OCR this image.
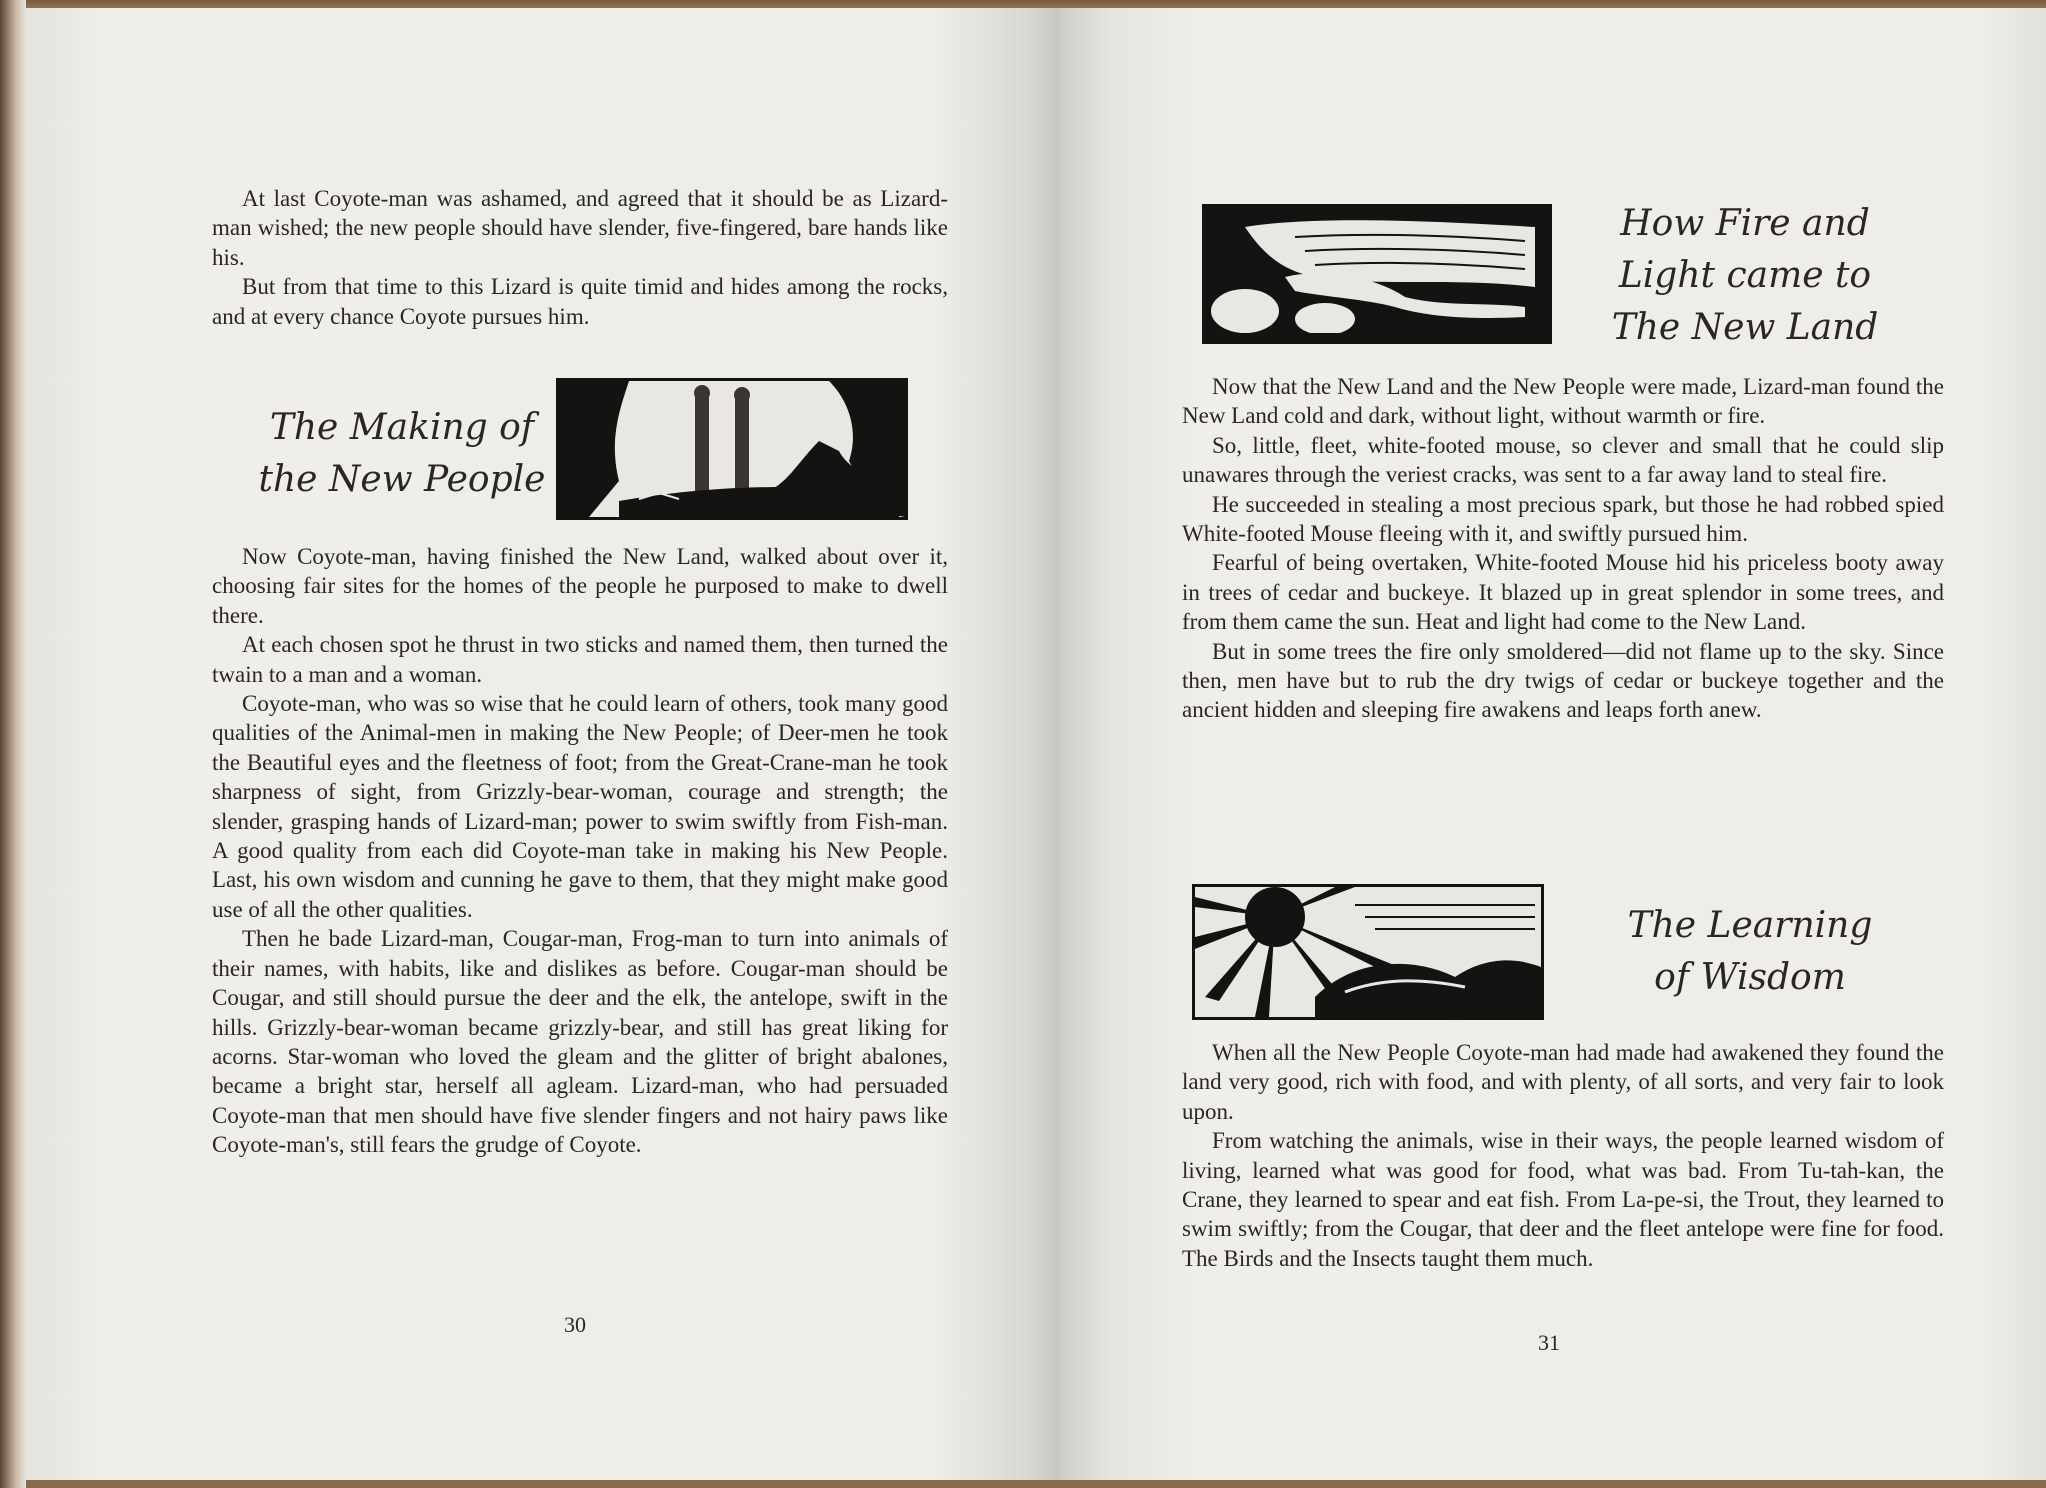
At last Coyote-man was ashamed, and agreed that it should be as Lizard-man wished; the new people should have slender, five-fingered, bare hands like his.

But from that time to this Lizard is quite timid and hides among the rocks, and at every chance Coyote pursues him.

The Making of
the New People

Now Coyote-man, having finished the New Land, walked about over it, choosing fair sites for the homes of the people he purposed to make to dwell there.

At each chosen spot he thrust in two sticks and named them, then turned the twain to a man and a woman.

Coyote-man, who was so wise that he could learn of others, took many good qualities of the Animal-men in making the New People; of Deer-men he took the Beautiful eyes and the fleetness of foot; from the Great-Crane-man he took sharpness of sight, from Grizzly-bear-woman, courage and strength; the slender, grasping hands of Lizard-man; power to swim swiftly from Fish-man. A good quality from each did Coyote-man take in making his New People. Last, his own wisdom and cunning he gave to them, that they might make good use of all the other qualities.

Then he bade Lizard-man, Cougar-man, Frog-man to turn into animals of their names, with habits, like and dislikes as before. Cougar-man should be Cougar, and still should pursue the deer and the elk, the antelope, swift in the hills. Grizzly-bear-woman became grizzly-bear, and still has great liking for acorns. Star-woman who loved the gleam and the glitter of bright abalones, became a bright star, herself all agleam. Lizard-man, who had persuaded Coyote-man that men should have five slender fingers and not hairy paws like Coyote-man's, still fears the grudge of Coyote.

30
How Fire and
Light came to
The New Land

Now that the New Land and the New People were made, Lizard-man found the New Land cold and dark, without light, without warmth or fire.

So, little, fleet, white-footed mouse, so clever and small that he could slip unawares through the veriest cracks, was sent to a far away land to steal fire.

He succeeded in stealing a most precious spark, but those he had robbed spied White-footed Mouse fleeing with it, and swiftly pursued him.

Fearful of being overtaken, White-footed Mouse hid his priceless booty away in trees of cedar and buckeye. It blazed up in great splendor in some trees, and from them came the sun. Heat and light had come to the New Land.

But in some trees the fire only smoldered—did not flame up to the sky. Since then, men have but to rub the dry twigs of cedar or buckeye together and the ancient hidden and sleeping fire awakens and leaps forth anew.

The Learning
of Wisdom

When all the New People Coyote-man had made had awakened they found the land very good, rich with food, and with plenty, of all sorts, and very fair to look upon.

From watching the animals, wise in their ways, the people learned wisdom of living, learned what was good for food, what was bad. From Tu-tah-kan, the Crane, they learned to spear and eat fish. From La-pe-si, the Trout, they learned to swim swiftly; from the Cougar, that deer and the fleet antelope were fine for food. The Birds and the Insects taught them much.

31
